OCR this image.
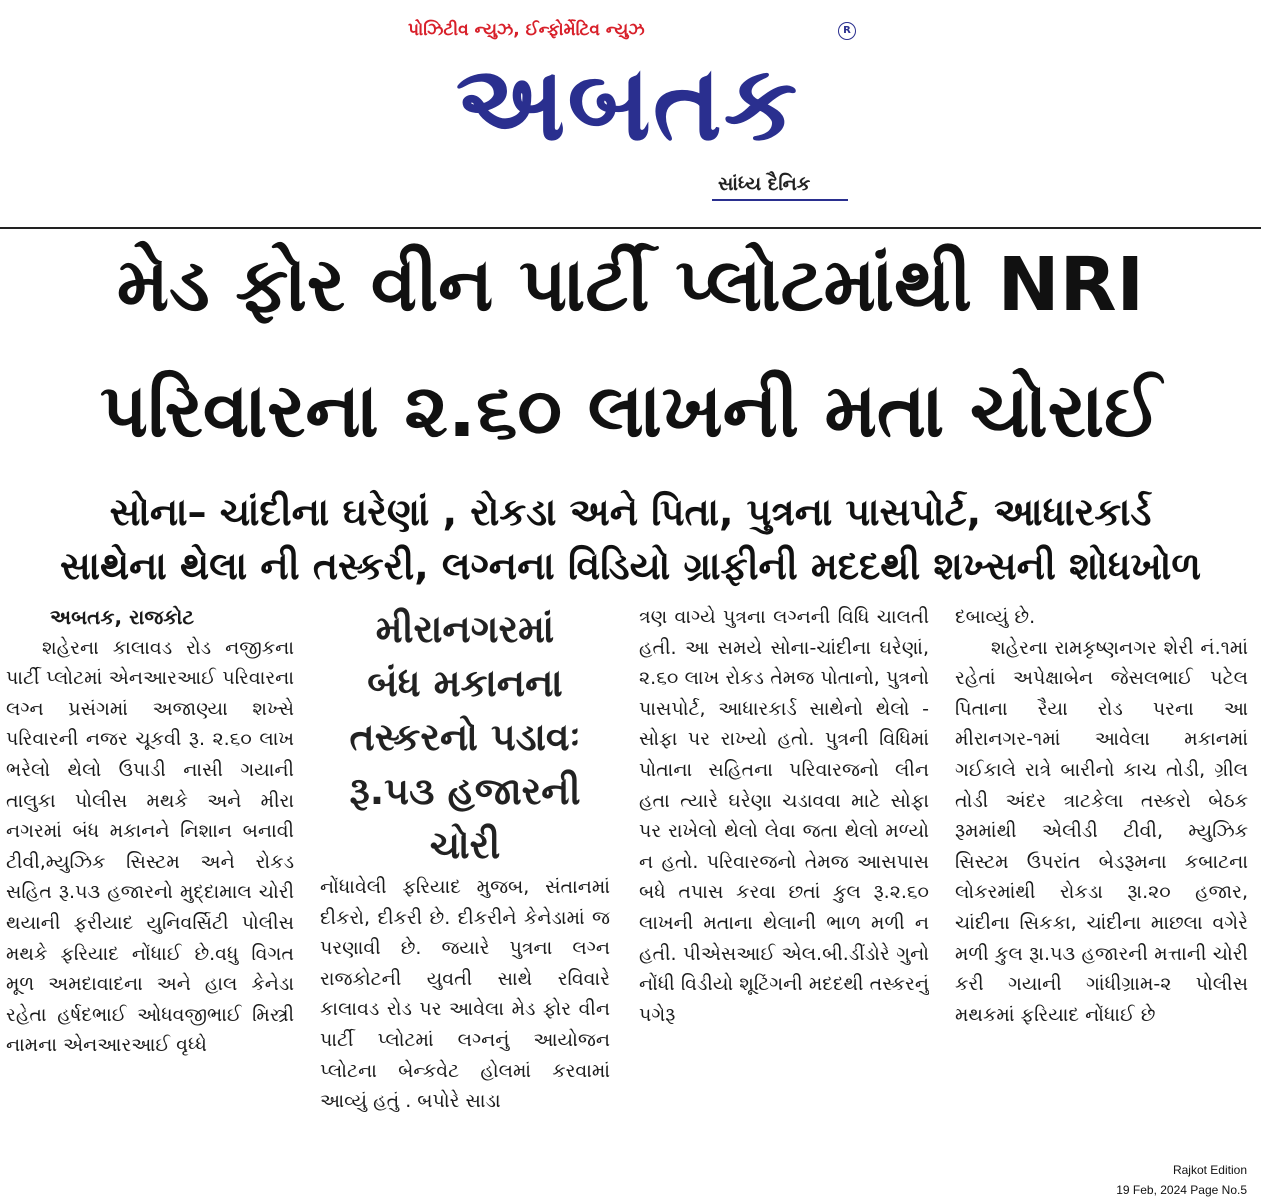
પોઝિટીવ ન્યુઝ, ઈન્ફોર્મેટિવ ન્યુઝ
અબતક
R
સાંધ્ય દૈનિક
મેડ ફોર વીન પાર્ટી પ્લોટમાંથી NRI
પરિવારના ૨.૬૦ લાખની મતા ચોરાઈ
સોના– ચાંદીના ઘરેણાં , રોકડા અને પિતા, પુત્રના પાસપોર્ટ, આધારકાર્ડ
સાથેના થેલા ની તસ્કરી, લગ્નના વિડિયો ગ્રાફીની મદદથી શખ્સની શોધખોળ

અબતક, રાજકોટ

શહેરના કાલાવડ રોડ નજીકના પાર્ટી પ્લોટમાં એનઆરઆઈ પરિવારના લગ્ન પ્રસંગમાં અજાણ્યા શખ્સે પરિવારની નજર ચૂકવી રૂ. ૨.૬૦ લાખ ભરેલો થેલો ઉપાડી નાસી ગયાની તાલુકા પોલીસ મથકે અને મીરા નગરમાં બંધ મકાનને નિશાન બનાવી ટીવી,મ્યુઝિક સિસ્ટમ અને રોકડ સહિત રૂ.૫૩ હજારનો મુદ્દામાલ ચોરી થયાની ફરીયાદ યુનિવર્સિટી પોલીસ મથકે ફરિયાદ નોંધાઈ છે.વધુ વિગત મૂળ અમદાવાદના અને હાલ કેનેડા રહેતા હર્ષદભાઈ ઓધવજીભાઈ મિસ્ત્રી નામના એનઆરઆઈ વૃધ્ધે

મીરાનગરમાં
બંધ મકાનના
તસ્કરનો પડાવઃ
રૂ.૫૩ હજારની
ચોરી

નોંધાવેલી ફરિયાદ મુજબ, સંતાનમાં દીકરો, દીકરી છે. દીકરીને કેનેડામાં જ પરણાવી છે. જયારે પુત્રના લગ્ન રાજકોટની યુવતી સાથે રવિવારે કાલાવડ રોડ પર આવેલા મેડ ફોર વીન પાર્ટી પ્લોટમાં લગ્નનું આયોજન પ્લોટના બેન્કવેટ હોલમાં કરવામાં આવ્યું હતું . બપોરે સાડા

ત્રણ વાગ્યે પુત્રના લગ્નની વિધિ ચાલતી હતી. આ સમયે સોના-ચાંદીના ઘરેણાં, ૨.૬૦ લાખ રોકડ તેમજ પોતાનો, પુત્રનો પાસપોર્ટ, આધારકાર્ડ સાથેનો થેલો - સોફા પર રાખ્યો હતો. પુત્રની વિધિમાં પોતાના સહિતના પરિવારજનો લીન હતા ત્યારે ઘરેણા ચડાવવા માટે સોફા પર રાખેલો થેલો લેવા જતા થેલો મળ્યો ન હતો. પરિવારજનો તેમજ આસપાસ બધે તપાસ કરવા છતાં કુલ રૂ.૨.૬૦ લાખની મતાના થેલાની ભાળ મળી ન હતી. પીએસઆઈ એલ.બી.ડીંડોરે ગુનો નોંધી વિડીયો શૂટિંગની મદદથી તસ્કરનું પગેરૂ

દબાવ્યું છે.

શહેરના રામકૃષ્ણનગર શેરી નં.૧માં રહેતાં અપેક્ષાબેન જેસલભાઈ પટેલ પિતાના રૈયા રોડ પરના આ મીરાનગર-૧માં આવેલા મકાનમાં ગઈકાલે રાત્રે બારીનો કાચ તોડી, ગ્રીલ તોડી અંદર ત્રાટકેલા તસ્કરો બેઠક રૂમમાંથી એલીડી ટીવી, મ્યુઝિક સિસ્ટમ ઉપરાંત બેડરૂમના કબાટના લોકરમાંથી રોકડા રૂા.૨૦ હજાર, ચાંદીના સિકકા, ચાંદીના માછલા વગેરે મળી કુલ રૂા.૫૩ હજારની મત્તાની ચોરી કરી ગયાની ગાંધીગ્રામ-૨ પોલીસ મથકમાં ફરિયાદ નોંધાઈ છે

Rajkot Edition
19 Feb, 2024 Page No.5
